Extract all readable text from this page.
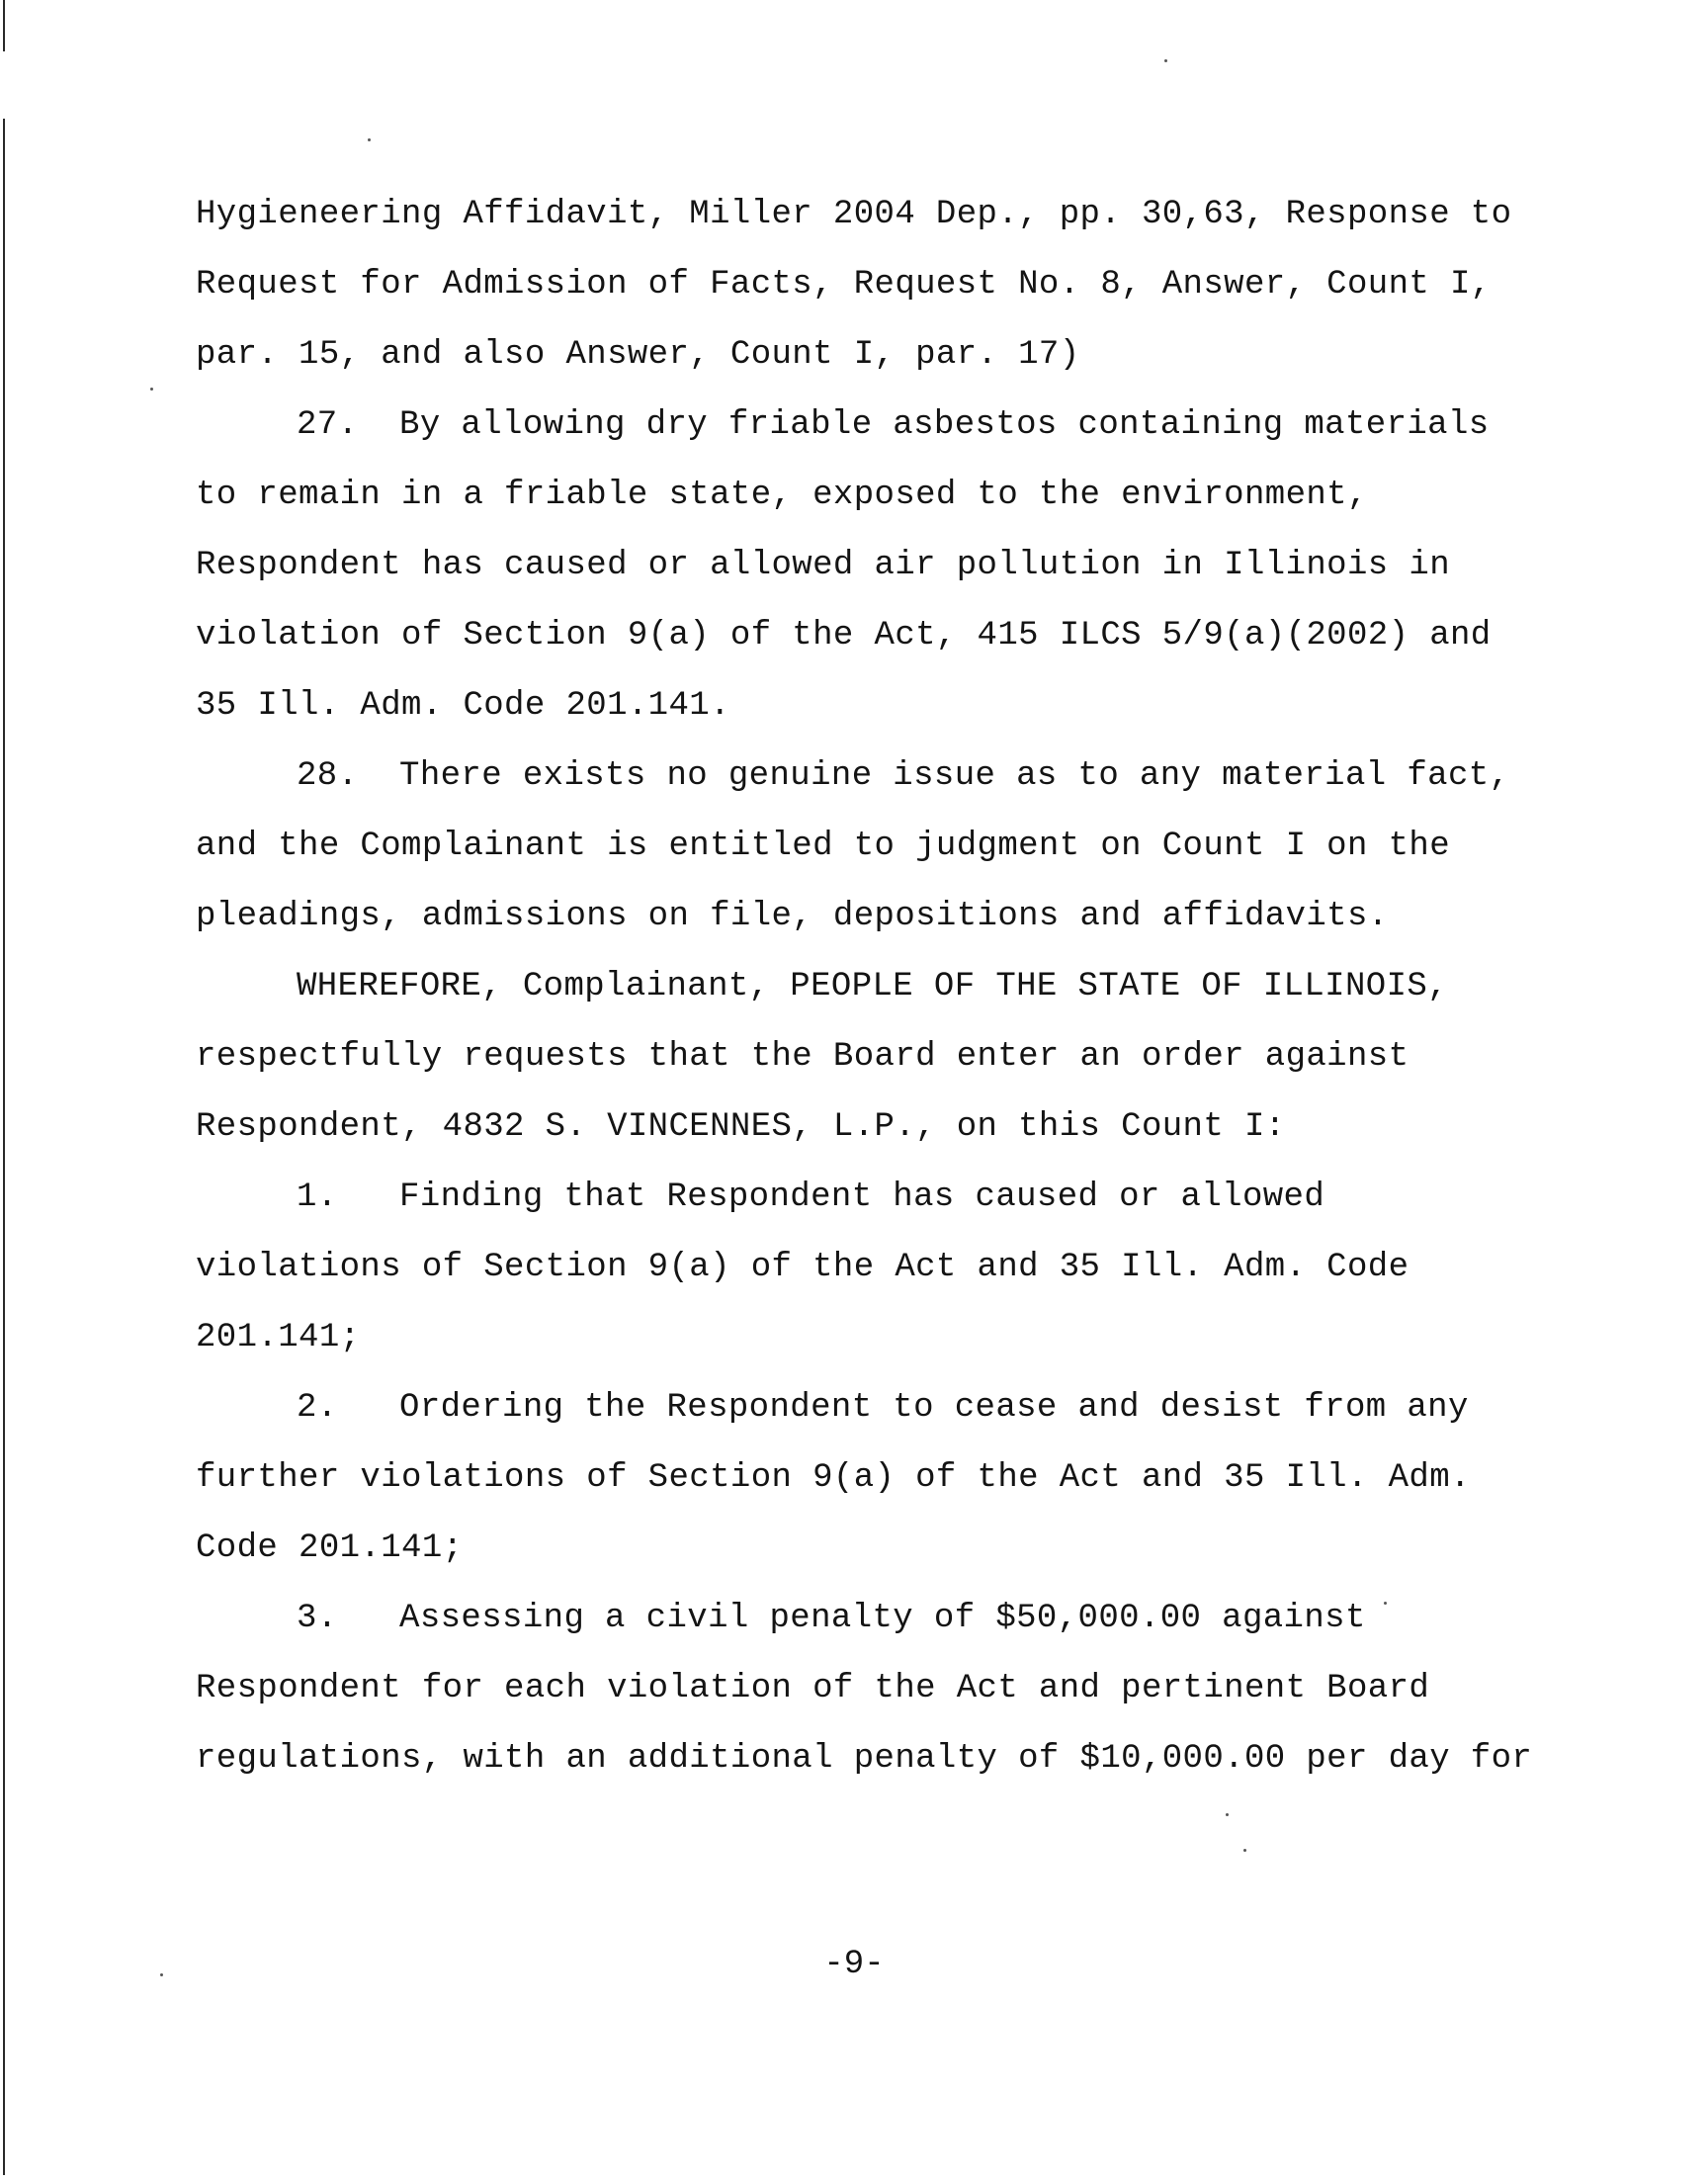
Hygieneering Affidavit, Miller 2004 Dep., pp. 30,63, Response to

Request for Admission of Facts, Request No. 8, Answer, Count I,

par. 15, and also Answer, Count I, par. 17)

27.  By allowing dry friable asbestos containing materials

to remain in a friable state, exposed to the environment,

Respondent has caused or allowed air pollution in Illinois in

violation of Section 9(a) of the Act, 415 ILCS 5/9(a)(2002) and

35 Ill. Adm. Code 201.141.

28.  There exists no genuine issue as to any material fact,

and the Complainant is entitled to judgment on Count I on the

pleadings, admissions on file, depositions and affidavits.

WHEREFORE, Complainant, PEOPLE OF THE STATE OF ILLINOIS,

respectfully requests that the Board enter an order against

Respondent, 4832 S. VINCENNES, L.P., on this Count I:

1.   Finding that Respondent has caused or allowed

violations of Section 9(a) of the Act and 35 Ill. Adm. Code

201.141;

2.   Ordering the Respondent to cease and desist from any

further violations of Section 9(a) of the Act and 35 Ill. Adm.

Code 201.141;

3.   Assessing a civil penalty of $50,000.00 against

Respondent for each violation of the Act and pertinent Board

regulations, with an additional penalty of $10,000.00 per day for

-9-
